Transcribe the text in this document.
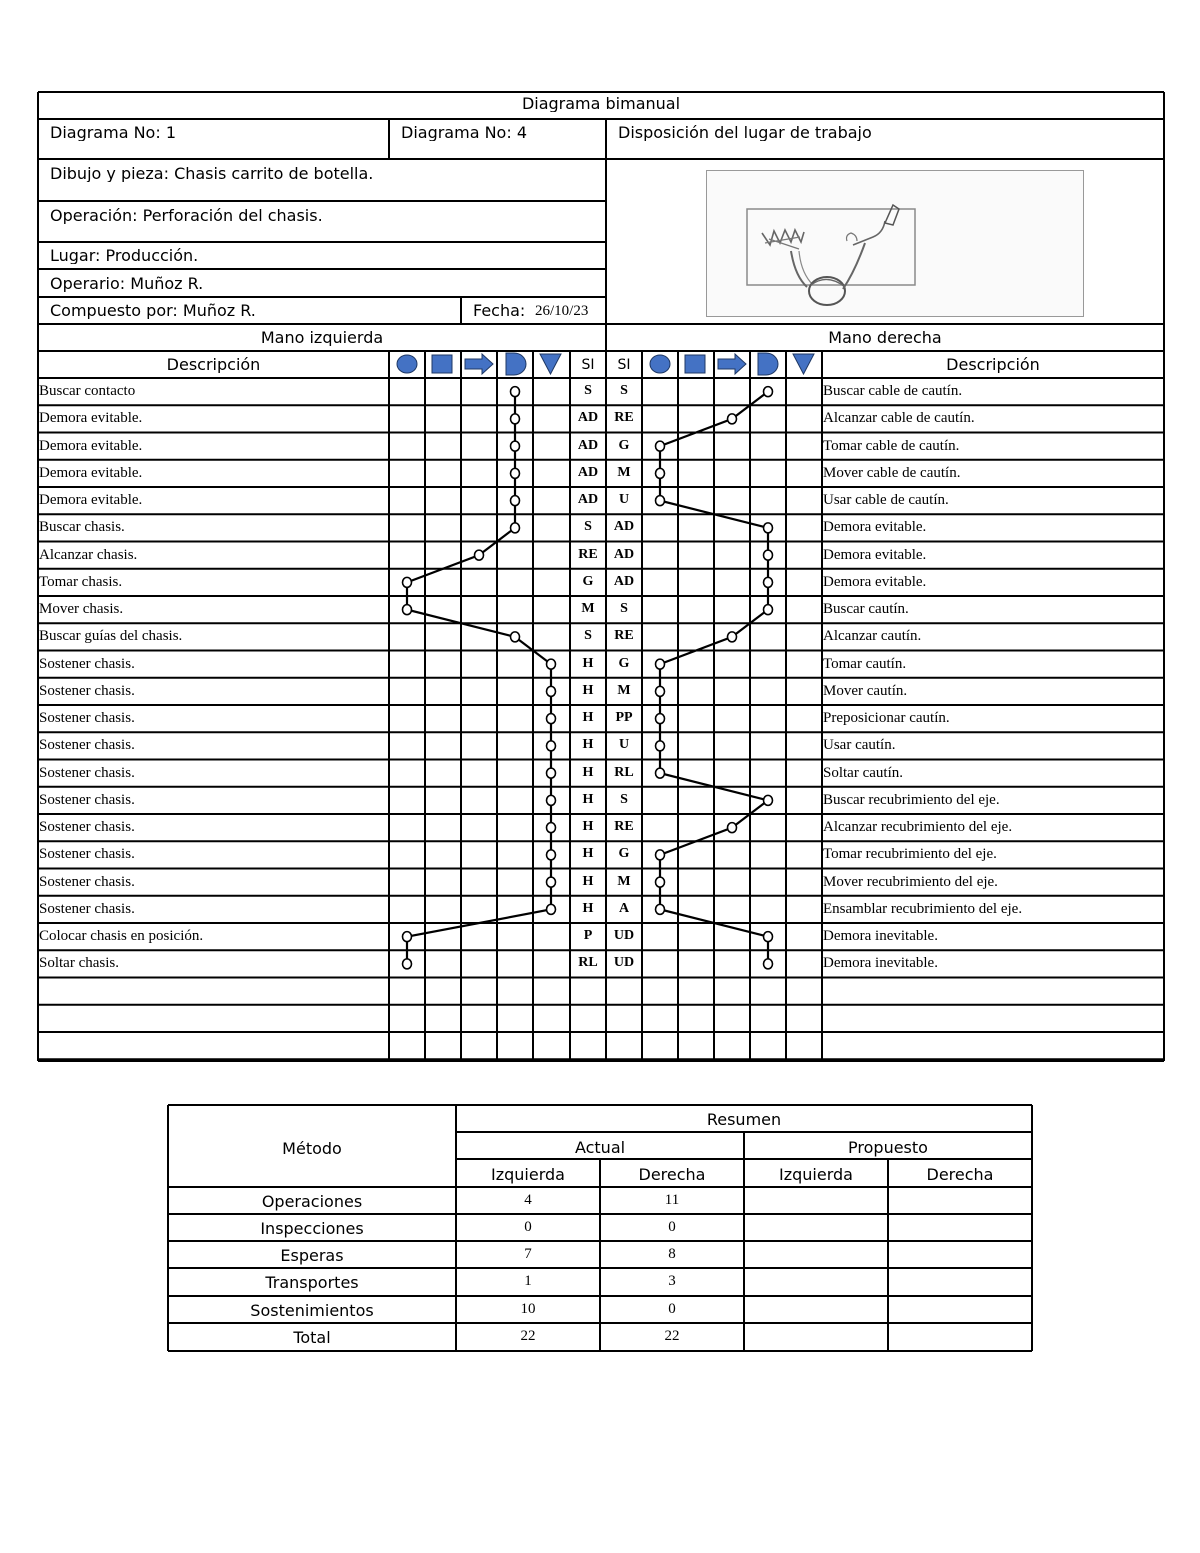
Diagrama bimanual
Diagrama No: 1	Diagrama No: 4	Disposición del lugar de trabajo
Dibujo y pieza: Chasis carrito de botella.
Operación: Perforación del chasis.
Lugar: Producción.
Operario: Muñoz R.
Compuesto por: Muñoz R.	Fecha: 26/10/23
Mano izquierda	Mano derecha
Descripción	Descripción
SI	SI
Buscar contacto	S	S	Buscar cable de cautín.
Demora evitable.	AD	RE	Alcanzar cable de cautín.
Demora evitable.	AD	G	Tomar cable de cautín.
Demora evitable.	AD	M	Mover cable de cautín.
Demora evitable.	AD	U	Usar cable de cautín.
Buscar chasis.	S	AD	Demora evitable.
Alcanzar chasis.	RE	AD	Demora evitable.
Tomar chasis.	G	AD	Demora evitable.
Mover chasis.	M	S	Buscar cautín.
Buscar guías del chasis.	S	RE	Alcanzar cautín.
Sostener chasis.	H	G	Tomar cautín.
Sostener chasis.	H	M	Mover cautín.
Sostener chasis.	H	PP	Preposicionar cautín.
Sostener chasis.	H	U	Usar cautín.
Sostener chasis.	H	RL	Soltar cautín.
Sostener chasis.	H	S	Buscar recubrimiento del eje.
Sostener chasis.	H	RE	Alcanzar recubrimiento del eje.
Sostener chasis.	H	G	Tomar recubrimiento del eje.
Sostener chasis.	H	M	Mover recubrimiento del eje.
Sostener chasis.	H	A	Ensamblar recubrimiento del eje.
Colocar chasis en posición.	P	UD	Demora inevitable.
Soltar chasis.	RL	UD	Demora inevitable.
Resumen
Método	Actual	Propuesto
Izquierda	Derecha	Izquierda	Derecha
Operaciones	4	11
Inspecciones	0	0
Esperas	7	8
Transportes	1	3
Sostenimientos	10	0
Total	22	22
